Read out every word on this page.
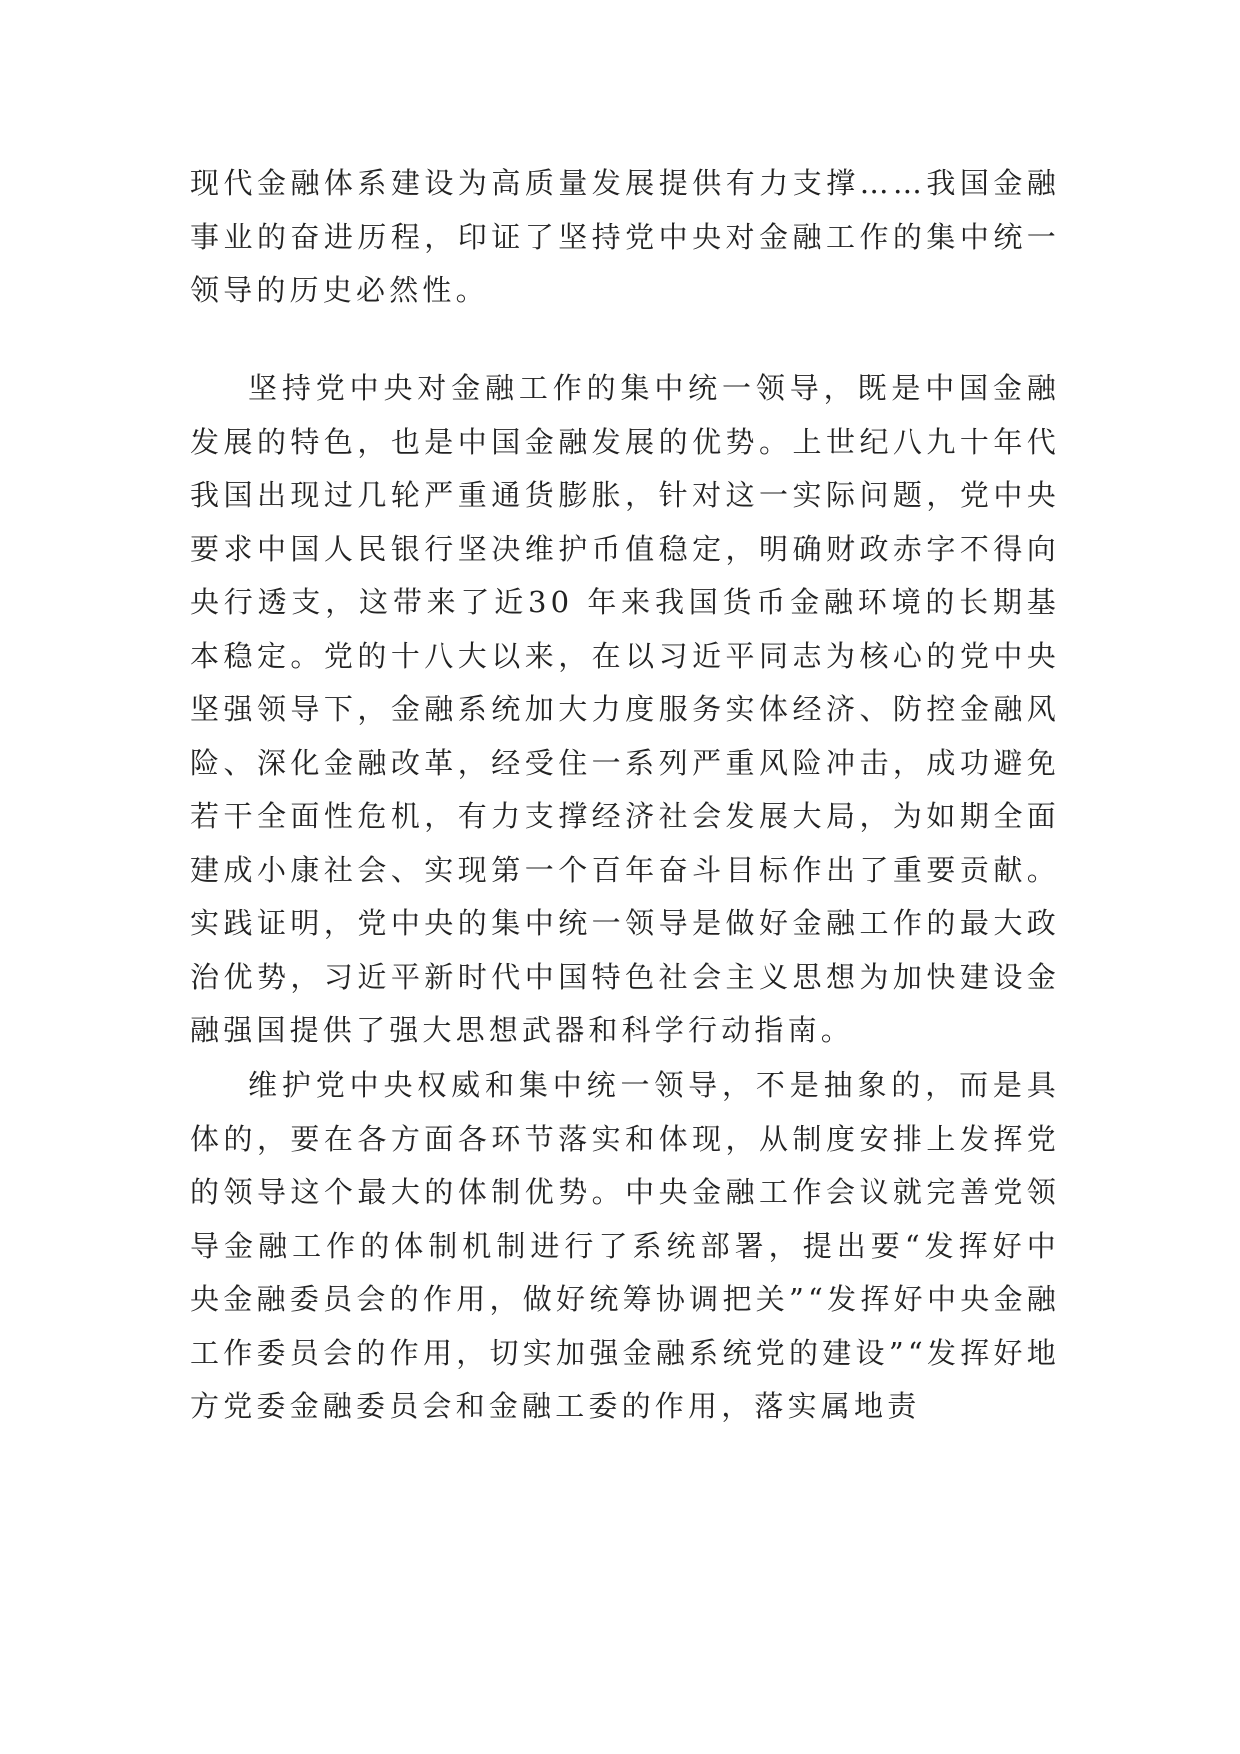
现代金融体系建设为高质量发展提供有力支撑……我国金融事业的奋进历程，印证了坚持党中央对金融工作的集中统一领导的历史必然性。

坚持党中央对金融工作的集中统一领导，既是中国金融发展的特色，也是中国金融发展的优势。上世纪八九十年代我国出现过几轮严重通货膨胀，针对这一实际问题，党中央要求中国人民银行坚决维护币值稳定，明确财政赤字不得向央行透支，这带来了近30 年来我国货币金融环境的长期基本稳定。党的十八大以来，在以习近平同志为核心的党中央坚强领导下，金融系统加大力度服务实体经济、防控金融风险、深化金融改革，经受住一系列严重风险冲击，成功避免若干全面性危机，有力支撑经济社会发展大局，为如期全面建成小康社会、实现第一个百年奋斗目标作出了重要贡献。实践证明，党中央的集中统一领导是做好金融工作的最大政治优势，习近平新时代中国特色社会主义思想为加快建设金融强国提供了强大思想武器和科学行动指南。

维护党中央权威和集中统一领导，不是抽象的，而是具体的，要在各方面各环节落实和体现，从制度安排上发挥党的领导这个最大的体制优势。中央金融工作会议就完善党领导金融工作的体制机制进行了系统部署，提出要“发挥好中央金融委员会的作用，做好统筹协调把关”“发挥好中央金融工作委员会的作用，切实加强金融系统党的建设”“发挥好地方党委金融委员会和金融工委的作用，落实属地责
